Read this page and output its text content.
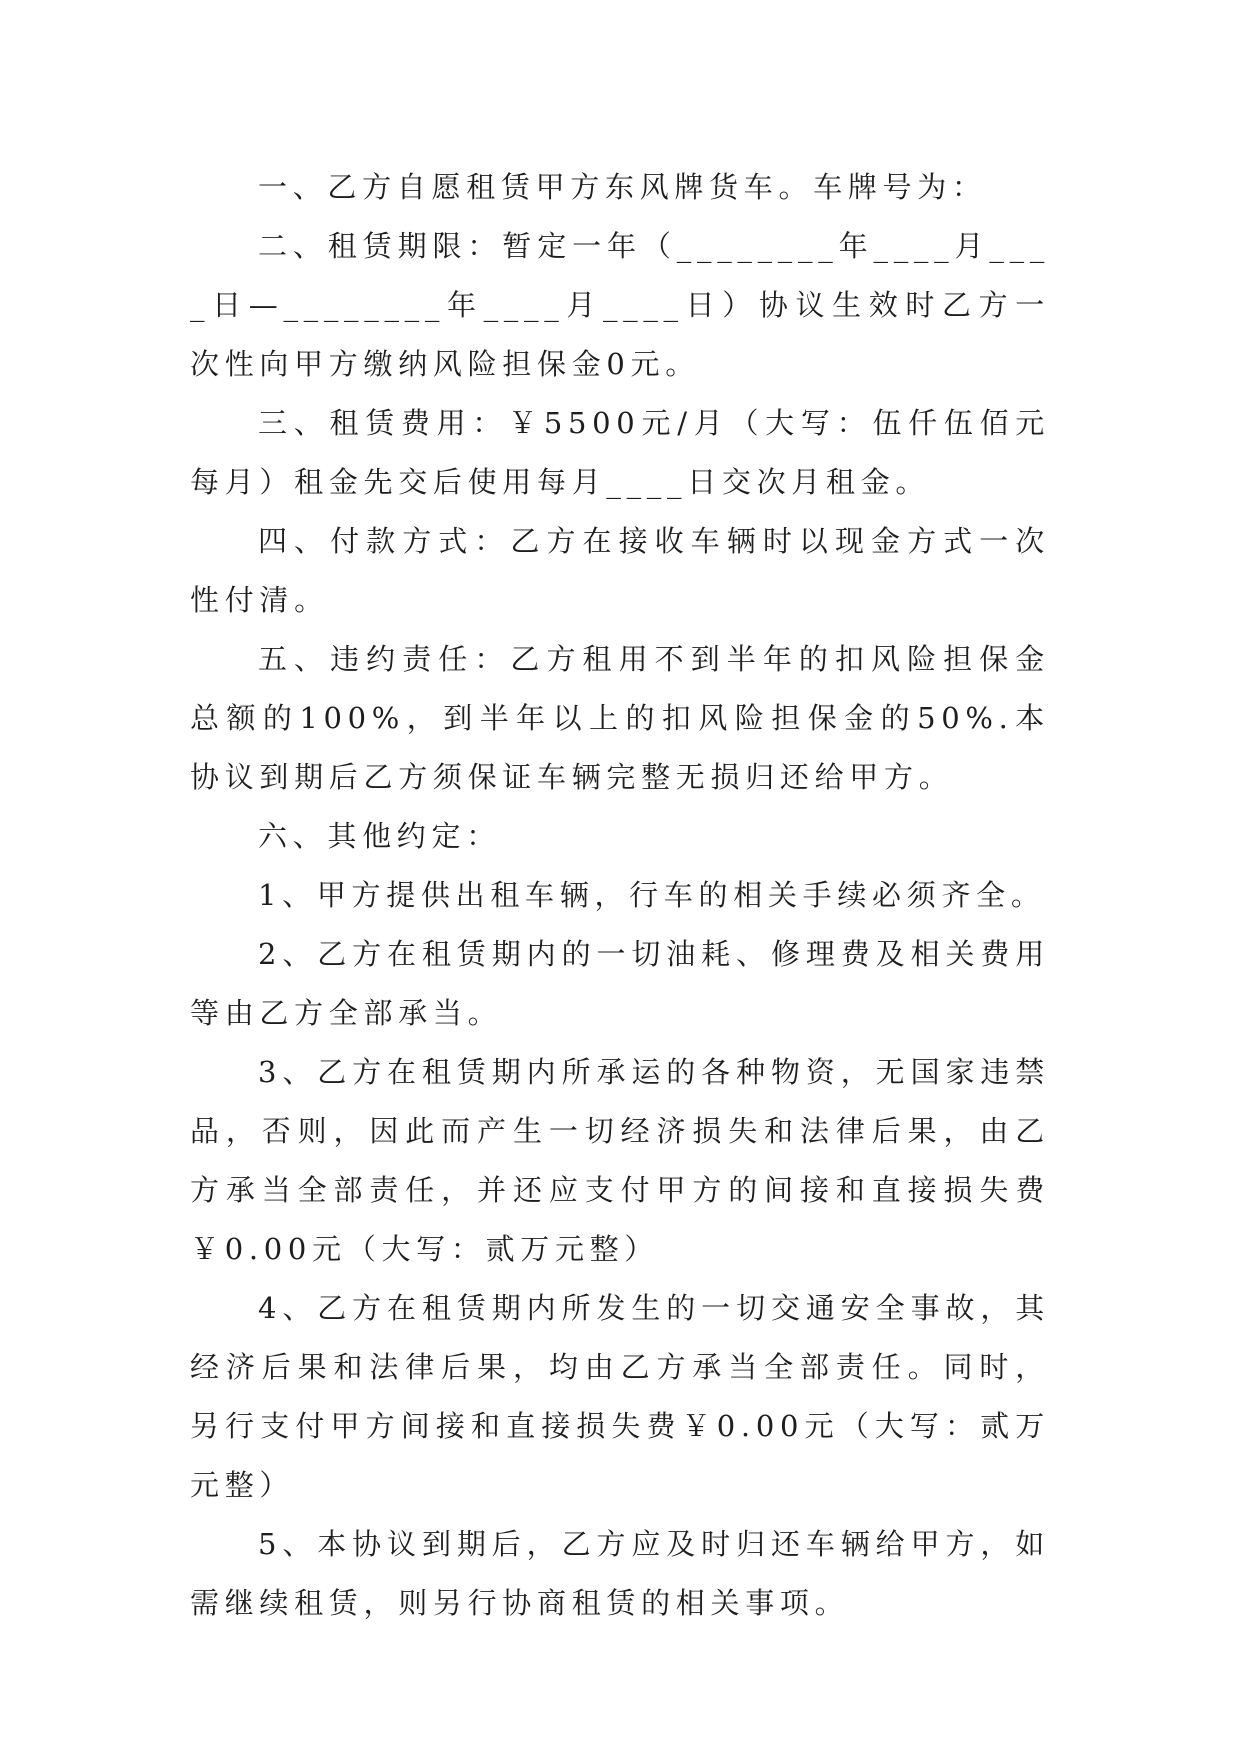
一、乙方自愿租赁甲方东风牌货车。车牌号为：

二、租赁期限：暂定一年（________年____月____日—________年____月____日）协议生效时乙方一次性向甲方缴纳风险担保金0元。

三、租赁费用：￥5500元/月（大写：伍仟伍佰元每月）租金先交后使用每月____日交次月租金。

四、付款方式：乙方在接收车辆时以现金方式一次性付清。

五、违约责任：乙方租用不到半年的扣风险担保金总额的100%，到半年以上的扣风险担保金的50%.本协议到期后乙方须保证车辆完整无损归还给甲方。

六、其他约定：

1、甲方提供出租车辆，行车的相关手续必须齐全。

2、乙方在租赁期内的一切油耗、修理费及相关费用等由乙方全部承当。

3、乙方在租赁期内所承运的各种物资，无国家违禁品，否则，因此而产生一切经济损失和法律后果，由乙方承当全部责任，并还应支付甲方的间接和直接损失费￥0.00元（大写：贰万元整）

4、乙方在租赁期内所发生的一切交通安全事故，其经济后果和法律后果，均由乙方承当全部责任。同时，另行支付甲方间接和直接损失费￥0.00元（大写：贰万元整）

5、本协议到期后，乙方应及时归还车辆给甲方，如需继续租赁，则另行协商租赁的相关事项。
